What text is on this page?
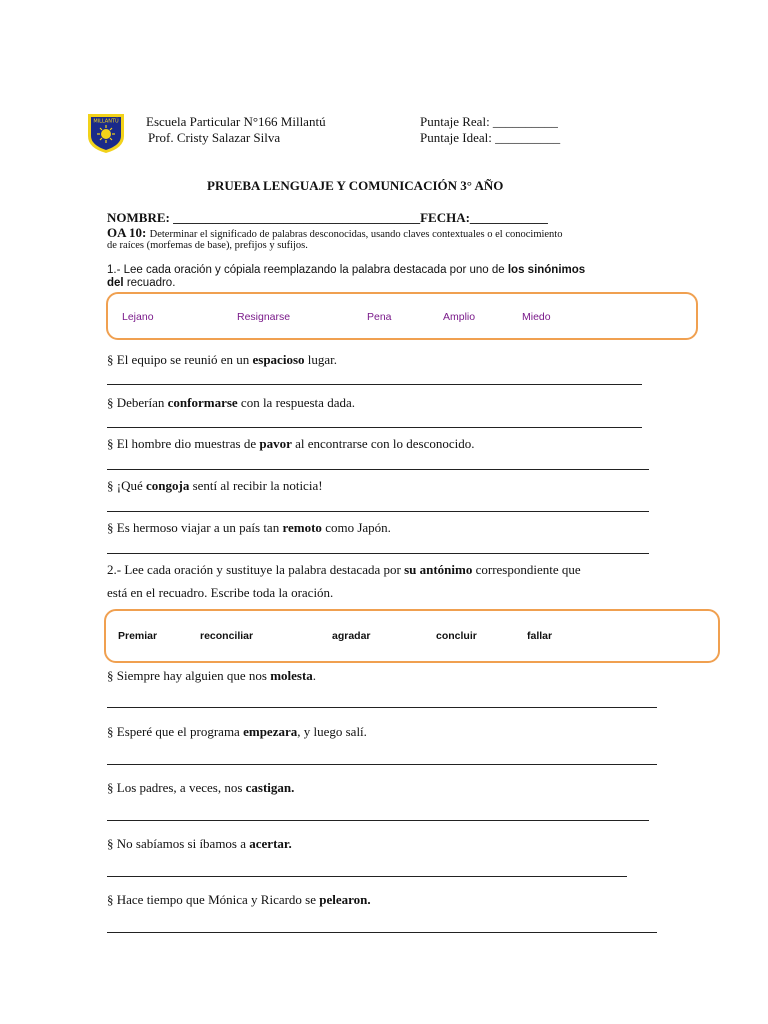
MILLANTÚ Escuela Particular N°166 Millantú
Prof. Cristy Salazar Silva
Puntaje Real: __________
Puntaje Ideal: __________
PRUEBA LENGUAJE Y COMUNICACIÓN 3° AÑO
NOMBRE: ______________________________________FECHA:____________
OA 10: Determinar el significado de palabras desconocidas, usando claves contextuales o el conocimiento
de raíces (morfemas de base), prefijos y sufijos.
1.- Lee cada oración y cópiala reemplazando la palabra destacada por uno de los sinónimos
del recuadro.
Lejano	Resignarse	Pena	Amplio	Miedo
§ El equipo se reunió en un espacioso lugar.
§ Deberían conformarse con la respuesta dada.
§ El hombre dio muestras de pavor al encontrarse con lo desconocido.
§ ¡Qué congoja sentí al recibir la noticia!
§ Es hermoso viajar a un país tan remoto como Japón.
2.- Lee cada oración y sustituye la palabra destacada por su antónimo correspondiente que
está en el recuadro. Escribe toda la oración.
Premiar	reconciliar	agradar	concluir	fallar
§ Siempre hay alguien que nos molesta.
§ Esperé que el programa empezara, y luego salí.
§ Los padres, a veces, nos castigan.
§ No sabíamos si íbamos a acertar.
§ Hace tiempo que Mónica y Ricardo se pelearon.
